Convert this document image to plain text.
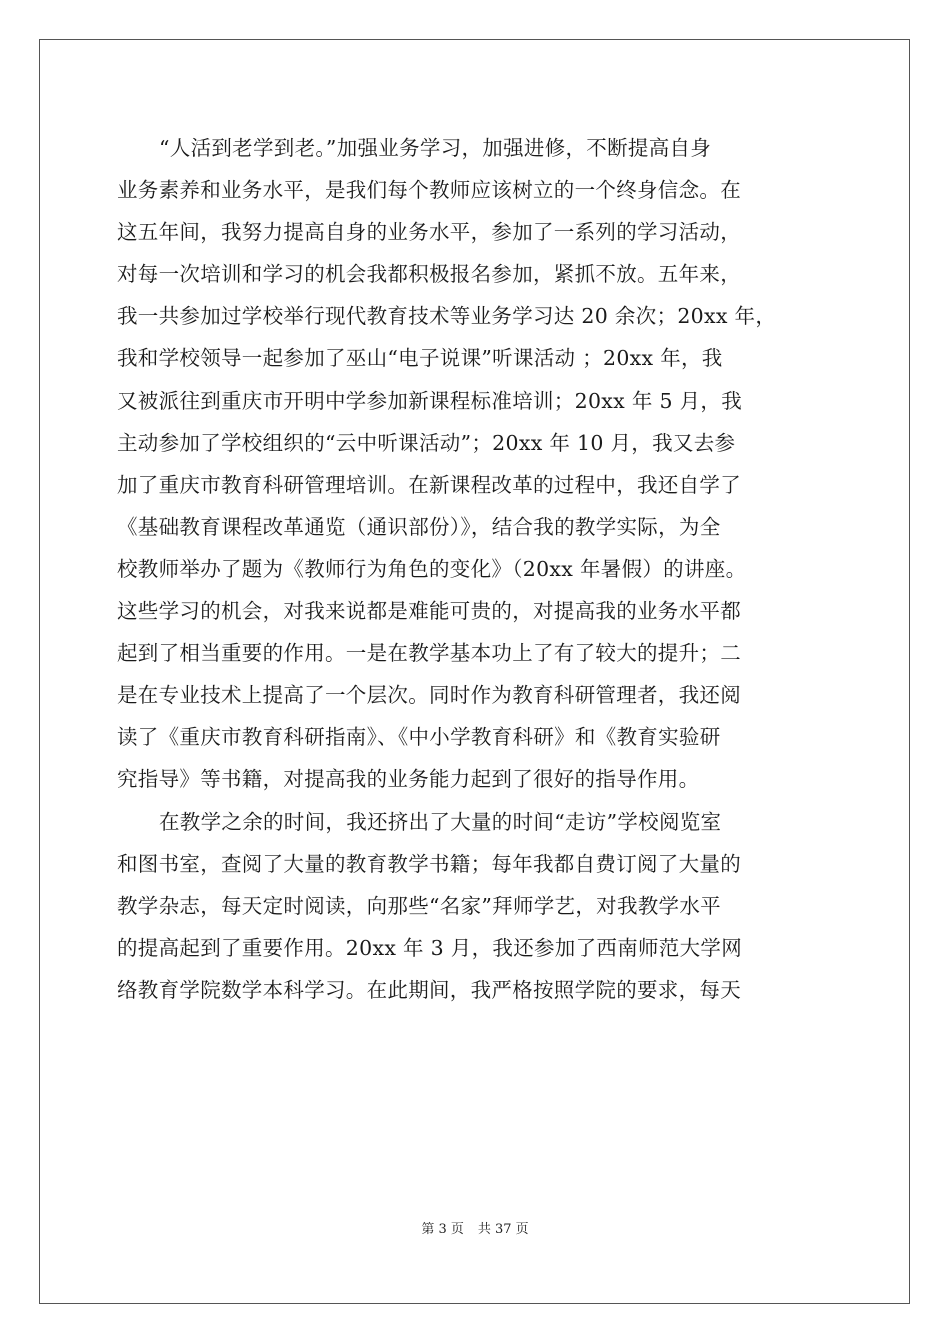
“人活到老学到老。”加强业务学习，加强进修，不断提高自身
业务素养和业务水平，是我们每个教师应该树立的一个终身信念。在
这五年间，我努力提高自身的业务水平，参加了一系列的学习活动，
对每一次培训和学习的机会我都积极报名参加，紧抓不放。五年来，
我一共参加过学校举行现代教育技术等业务学习达 20 余次；20xx 年，
我和学校领导一起参加了巫山“电子说课”听课活动 ；20xx 年，我
又被派往到重庆市开明中学参加新课程标准培训；20xx 年 5 月，我
主动参加了学校组织的“云中听课活动”；20xx 年 10 月，我又去参
加了重庆市教育科研管理培训。在新课程改革的过程中，我还自学了
《基础教育课程改革通览（通识部份）》，结合我的教学实际，为全
校教师举办了题为《教师行为角色的变化》（20xx 年暑假）的讲座。
这些学习的机会，对我来说都是难能可贵的，对提高我的业务水平都
起到了相当重要的作用。一是在教学基本功上了有了较大的提升；二
是在专业技术上提高了一个层次。同时作为教育科研管理者，我还阅
读了《重庆市教育科研指南》、《中小学教育科研》和《教育实验研
究指导》等书籍，对提高我的业务能力起到了很好的指导作用。
在教学之余的时间，我还挤出了大量的时间“走访”学校阅览室
和图书室，查阅了大量的教育教学书籍；每年我都自费订阅了大量的
教学杂志，每天定时阅读，向那些“名家”拜师学艺，对我教学水平
的提高起到了重要作用。20xx 年 3 月，我还参加了西南师范大学网
络教育学院数学本科学习。在此期间，我严格按照学院的要求，每天
第 3 页 共 37 页
